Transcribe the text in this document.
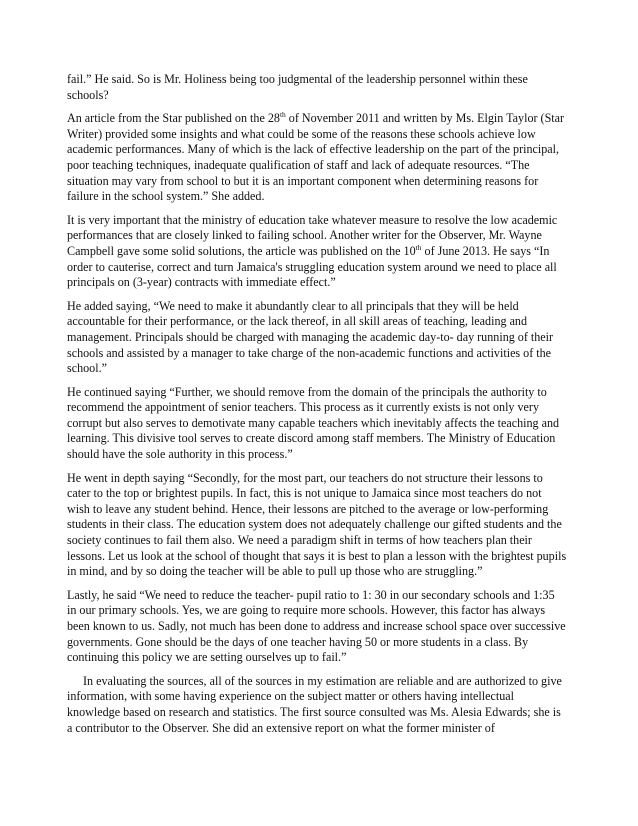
fail.” He said. So is Mr. Holiness being too judgmental of the leadership personnel within these schools?

An article from the Star published on the 28th of November 2011 and written by Ms. Elgin Taylor (Star Writer) provided some insights and what could be some of the reasons these schools achieve low academic performances. Many of which is the lack of effective leadership on the part of the principal, poor teaching techniques, inadequate qualification of staff and lack of adequate resources. “The situation may vary from school to but it is an important component when determining reasons for failure in the school system.” She added.

It is very important that the ministry of education take whatever measure to resolve the low academic performances that are closely linked to failing school. Another writer for the Observer, Mr. Wayne Campbell gave some solid solutions, the article was published on the 10th of June 2013. He says “In order to cauterise, correct and turn Jamaica's struggling education system around we need to place all principals on (3-year) contracts with immediate effect.”

He added saying, “We need to make it abundantly clear to all principals that they will be held accountable for their performance, or the lack thereof, in all skill areas of teaching, leading and management. Principals should be charged with managing the academic day-to- day running of their schools and assisted by a manager to take charge of the non-academic functions and activities of the school.”

He continued saying “Further, we should remove from the domain of the principals the authority to recommend the appointment of senior teachers. This process as it currently exists is not only very corrupt but also serves to demotivate many capable teachers which inevitably affects the teaching and learning. This divisive tool serves to create discord among staff members. The Ministry of Education should have the sole authority in this process.”

He went in depth saying “Secondly, for the most part, our teachers do not structure their lessons to cater to the top or brightest pupils. In fact, this is not unique to Jamaica since most teachers do not wish to leave any student behind. Hence, their lessons are pitched to the average or low-performing students in their class. The education system does not adequately challenge our gifted students and the society continues to fail them also. We need a paradigm shift in terms of how teachers plan their lessons. Let us look at the school of thought that says it is best to plan a lesson with the brightest pupils in mind, and by so doing the teacher will be able to pull up those who are struggling.”

Lastly, he said “We need to reduce the teacher- pupil ratio to 1: 30 in our secondary schools and 1:35 in our primary schools. Yes, we are going to require more schools. However, this factor has always been known to us. Sadly, not much has been done to address and increase school space over successive governments. Gone should be the days of one teacher having 50 or more students in a class. By continuing this policy we are setting ourselves up to fail.”

In evaluating the sources, all of the sources in my estimation are reliable and are authorized to give information, with some having experience on the subject matter or others having intellectual knowledge based on research and statistics. The first source consulted was Ms. Alesia Edwards; she is a contributor to the Observer. She did an extensive report on what the former minister of
